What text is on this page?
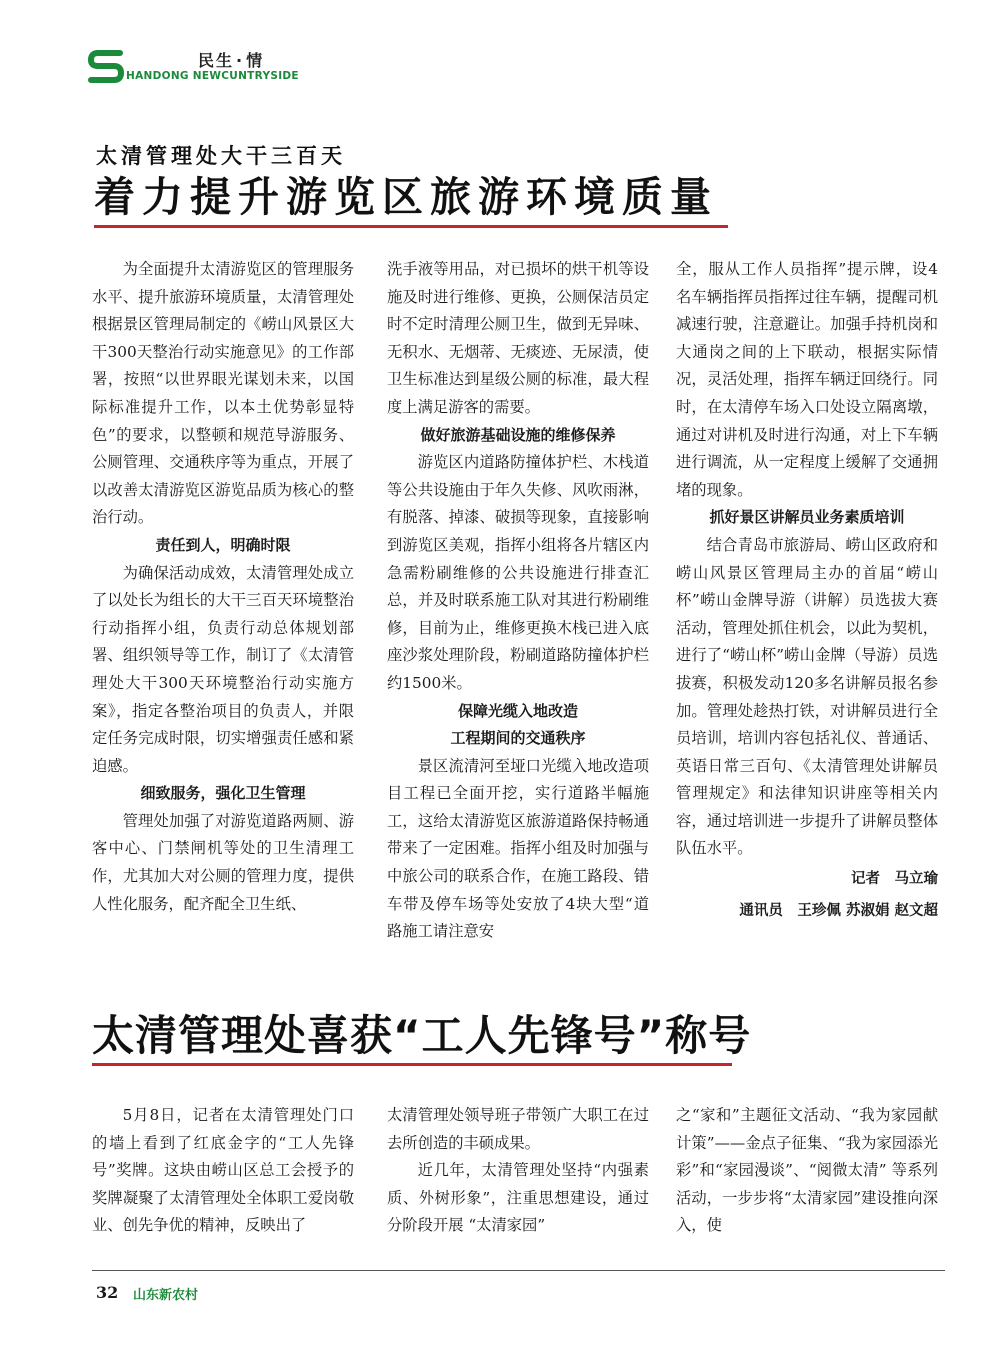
民生 · 情
HANDONG NEWCUNTRYSIDE
太清管理处大干三百天
着力提升游览区旅游环境质量

为全面提升太清游览区的管理服务水平、提升旅游环境质量，太清管理处根据景区管理局制定的《崂山风景区大干300天整治行动实施意见》的工作部署，按照“以世界眼光谋划未来，以国际标准提升工作，以本土优势彰显特色”的要求，以整顿和规范导游服务、公厕管理、交通秩序等为重点，开展了以改善太清游览区游览品质为核心的整治行动。

责任到人，明确时限

为确保活动成效，太清管理处成立了以处长为组长的大干三百天环境整治行动指挥小组，负责行动总体规划部署、组织领导等工作，制订了《太清管理处大干300天环境整治行动实施方案》，指定各整治项目的负责人，并限定任务完成时限，切实增强责任感和紧迫感。

细致服务，强化卫生管理

管理处加强了对游览道路两厕、游客中心、门禁闸机等处的卫生清理工作，尤其加大对公厕的管理力度，提供人性化服务，配齐配全卫生纸、

洗手液等用品，对已损坏的烘干机等设施及时进行维修、更换，公厕保洁员定时不定时清理公厕卫生，做到无异味、无积水、无烟蒂、无痰迹、无尿渍，使卫生标准达到星级公厕的标准，最大程度上满足游客的需要。

做好旅游基础设施的维修保养

游览区内道路防撞体护栏、木栈道等公共设施由于年久失修、风吹雨淋，有脱落、掉漆、破损等现象，直接影响到游览区美观，指挥小组将各片辖区内急需粉刷维修的公共设施进行排查汇总，并及时联系施工队对其进行粉刷维修，目前为止，维修更换木栈已进入底座沙浆处理阶段，粉刷道路防撞体护栏约1500米。

保障光缆入地改造
工程期间的交通秩序

景区流清河至垭口光缆入地改造项目工程已全面开挖，实行道路半幅施工，这给太清游览区旅游道路保持畅通带来了一定困难。指挥小组及时加强与中旅公司的联系合作，在施工路段、错车带及停车场等处安放了4块大型“道路施工请注意安

全，服从工作人员指挥”提示牌，设4名车辆指挥员指挥过往车辆，提醒司机减速行驶，注意避让。加强手持机岗和大通岗之间的上下联动，根据实际情况，灵活处理，指挥车辆迂回绕行。同时，在太清停车场入口处设立隔离墩，通过对讲机及时进行沟通，对上下车辆进行调流，从一定程度上缓解了交通拥堵的现象。

抓好景区讲解员业务素质培训

结合青岛市旅游局、崂山区政府和崂山风景区管理局主办的首届“崂山杯”崂山金牌导游（讲解）员选拔大赛活动，管理处抓住机会，以此为契机，进行了“崂山杯”崂山金牌（导游）员选拔赛，积极发动120多名讲解员报名参加。管理处趁热打铁，对讲解员进行全员培训，培训内容包括礼仪、普通话、英语日常三百句、《太清管理处讲解员管理规定》和法律知识讲座等相关内容，通过培训进一步提升了讲解员整体队伍水平。

记者　马立瑜
通讯员　王珍佩 苏淑娟 赵文超
太清管理处喜获“工人先锋号”称号

5月8日，记者在太清管理处门口的墙上看到了红底金字的“工人先锋号”奖牌。这块由崂山区总工会授予的奖牌凝聚了太清管理处全体职工爱岗敬业、创先争优的精神，反映出了

太清管理处领导班子带领广大职工在过去所创造的丰硕成果。

近几年，太清管理处坚持“内强素质、外树形象”，注重思想建设，通过分阶段开展 “太清家园”

之“家和”主题征文活动、“我为家园献计策”——金点子征集、“我为家园添光彩”和“家园漫谈”、“阅微太清” 等系列活动，一步步将“太清家园”建设推向深入，使

32 山东新农村
